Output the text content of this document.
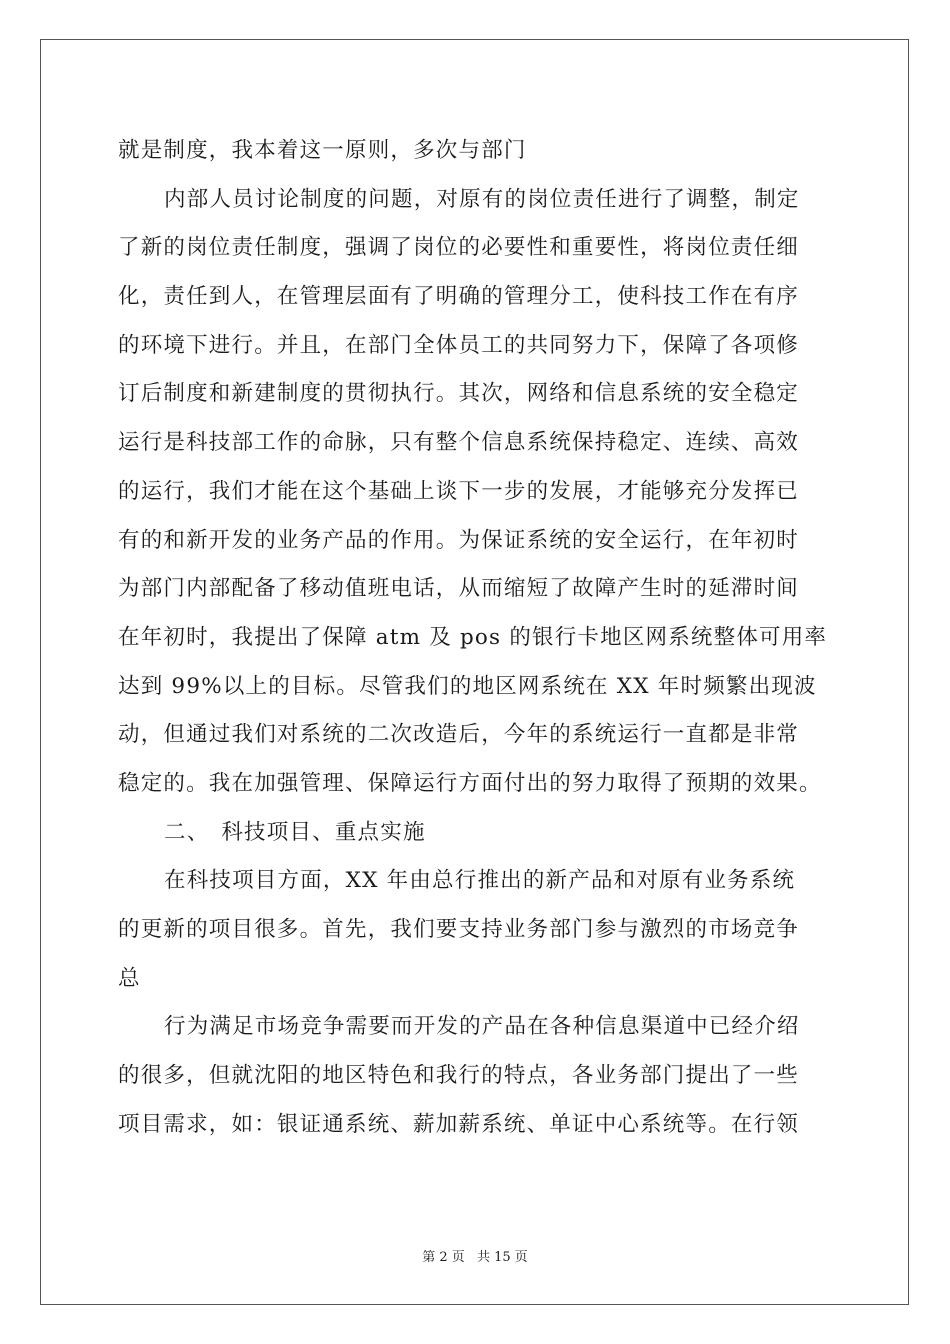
就是制度，我本着这一原则，多次与部门
内部人员讨论制度的问题，对原有的岗位责任进行了调整，制定
了新的岗位责任制度，强调了岗位的必要性和重要性，将岗位责任细
化，责任到人，在管理层面有了明确的管理分工，使科技工作在有序
的环境下进行。并且，在部门全体员工的共同努力下，保障了各项修
订后制度和新建制度的贯彻执行。其次，网络和信息系统的安全稳定
运行是科技部工作的命脉，只有整个信息系统保持稳定、连续、高效
的运行，我们才能在这个基础上谈下一步的发展，才能够充分发挥已
有的和新开发的业务产品的作用。为保证系统的安全运行，在年初时
为部门内部配备了移动值班电话，从而缩短了故障产生时的延滞时间
在年初时，我提出了保障 atm 及 pos 的银行卡地区网系统整体可用率
达到 99%以上的目标。尽管我们的地区网系统在 XX 年时频繁出现波
动，但通过我们对系统的二次改造后，今年的系统运行一直都是非常
稳定的。我在加强管理、保障运行方面付出的努力取得了预期的效果。
二、　科技项目、重点实施
在科技项目方面，XX 年由总行推出的新产品和对原有业务系统
的更新的项目很多。首先，我们要支持业务部门参与激烈的市场竞争
总
行为满足市场竞争需要而开发的产品在各种信息渠道中已经介绍
的很多，但就沈阳的地区特色和我行的特点，各业务部门提出了一些
项目需求，如：银证通系统、薪加薪系统、单证中心系统等。在行领
第 2 页 共 15 页
